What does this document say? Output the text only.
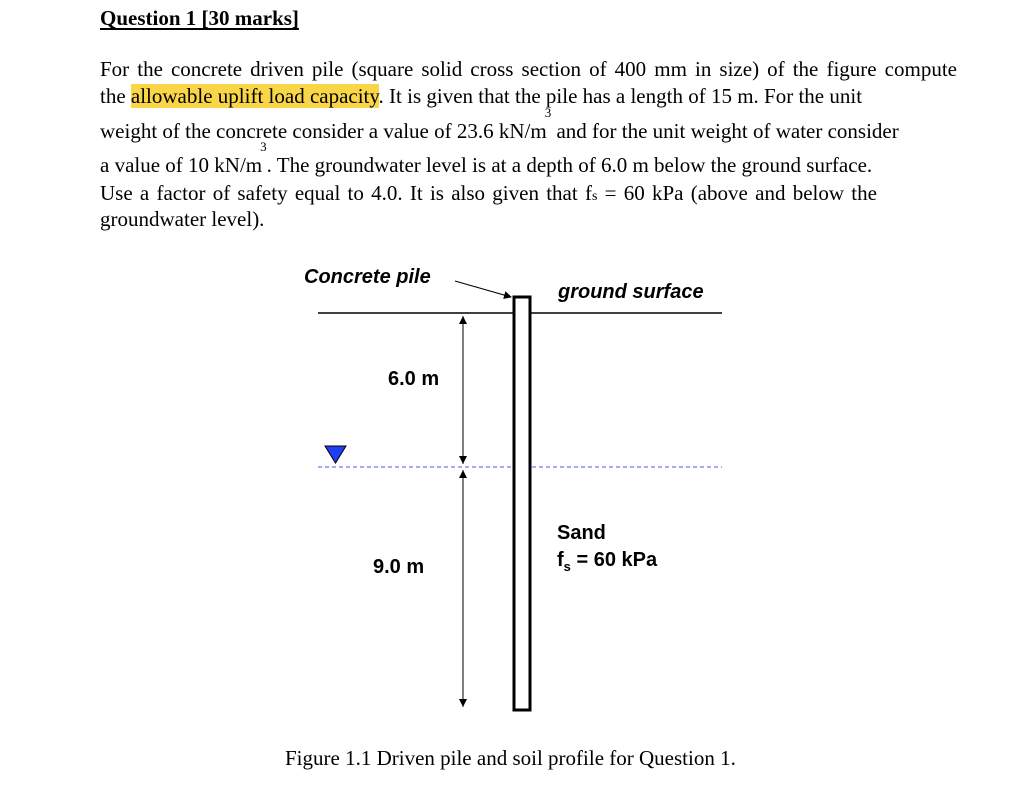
Question 1 [30 marks]
For the concrete driven pile (square solid cross section of 400 mm in size) of the figure compute
the allowable uplift load capacity. It is given that the pile has a length of 15 m. For the unit
weight of the concrete consider a value of 23.6 $kN/m^3$ and for the unit weight of water consider
a value of 10 $kN/m^3$. The groundwater level is at a depth of 6.0 m below the ground surface.
Use a factor of safety equal to 4.0. It is also given that fs = 60 kPa (above and below the
groundwater level).
Concrete pile
ground surface
6.0 m
9.0 m
Sand
$f_s = 60$ kPa
Figure 1.1 Driven pile and soil profile for Question 1.
